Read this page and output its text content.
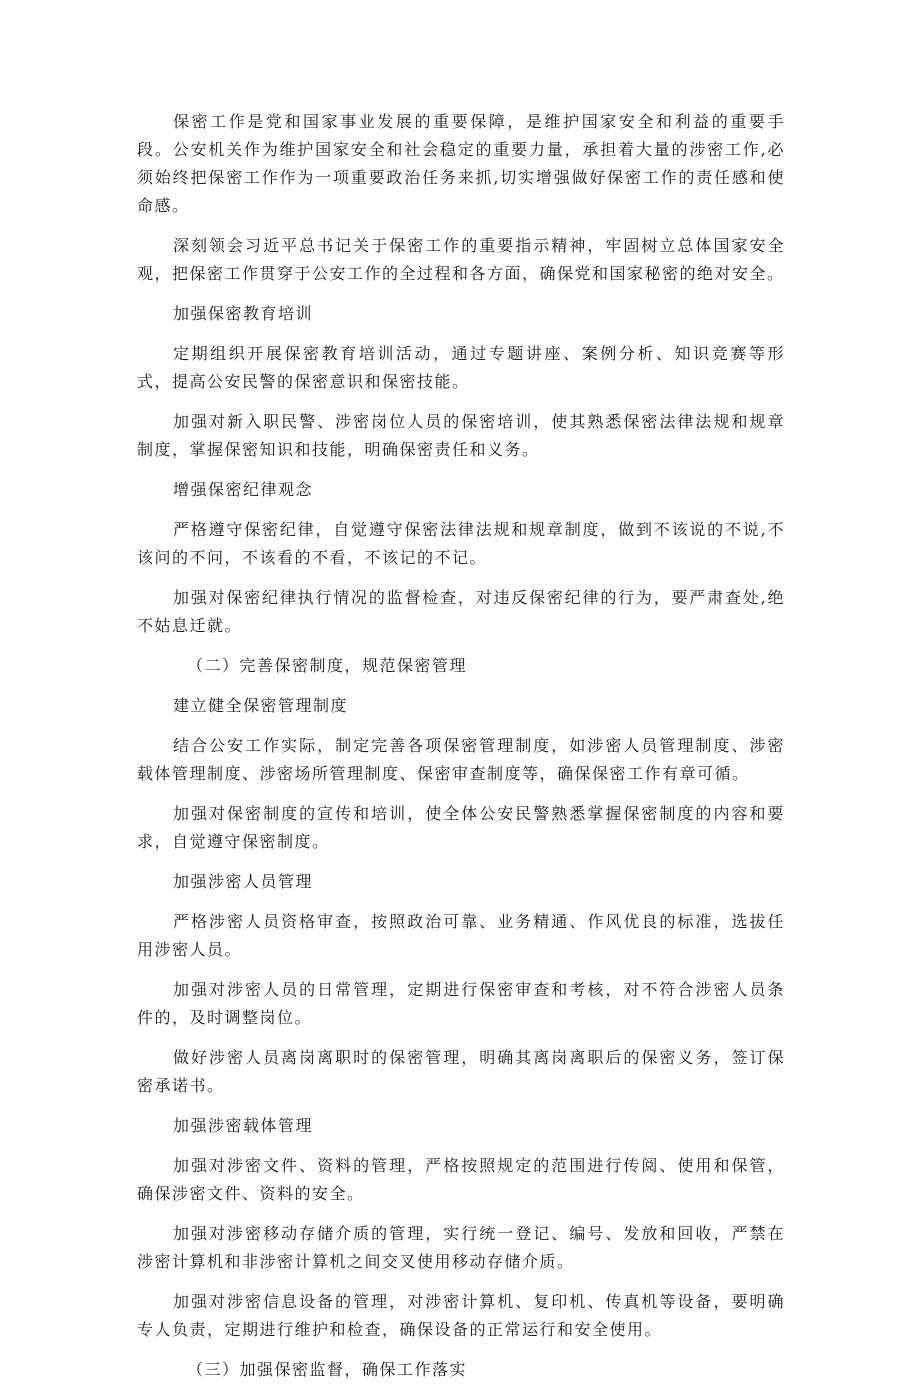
保密工作是党和国家事业发展的重要保障，是维护国家安全和利益的重要手段。公安机关作为维护国家安全和社会稳定的重要力量，承担着大量的涉密工作,必须始终把保密工作作为一项重要政治任务来抓,切实增强做好保密工作的责任感和使命感。

深刻领会习近平总书记关于保密工作的重要指示精神，牢固树立总体国家安全观，把保密工作贯穿于公安工作的全过程和各方面，确保党和国家秘密的绝对安全。

加强保密教育培训

定期组织开展保密教育培训活动，通过专题讲座、案例分析、知识竞赛等形式，提高公安民警的保密意识和保密技能。

加强对新入职民警、涉密岗位人员的保密培训，使其熟悉保密法律法规和规章制度，掌握保密知识和技能，明确保密责任和义务。

增强保密纪律观念

严格遵守保密纪律，自觉遵守保密法律法规和规章制度，做到不该说的不说,不该问的不问，不该看的不看，不该记的不记。

加强对保密纪律执行情况的监督检查，对违反保密纪律的行为，要严肃查处,绝不姑息迁就。

（二）完善保密制度，规范保密管理

建立健全保密管理制度

结合公安工作实际，制定完善各项保密管理制度，如涉密人员管理制度、涉密载体管理制度、涉密场所管理制度、保密审查制度等，确保保密工作有章可循。

加强对保密制度的宣传和培训，使全体公安民警熟悉掌握保密制度的内容和要求，自觉遵守保密制度。

加强涉密人员管理

严格涉密人员资格审查，按照政治可靠、业务精通、作风优良的标准，选拔任用涉密人员。

加强对涉密人员的日常管理，定期进行保密审查和考核，对不符合涉密人员条件的，及时调整岗位。

做好涉密人员离岗离职时的保密管理，明确其离岗离职后的保密义务，签订保密承诺书。

加强涉密载体管理

加强对涉密文件、资料的管理，严格按照规定的范围进行传阅、使用和保管，确保涉密文件、资料的安全。

加强对涉密移动存储介质的管理，实行统一登记、编号、发放和回收，严禁在涉密计算机和非涉密计算机之间交叉使用移动存储介质。

加强对涉密信息设备的管理，对涉密计算机、复印机、传真机等设备，要明确专人负责，定期进行维护和检查，确保设备的正常运行和安全使用。

（三）加强保密监督，确保工作落实
